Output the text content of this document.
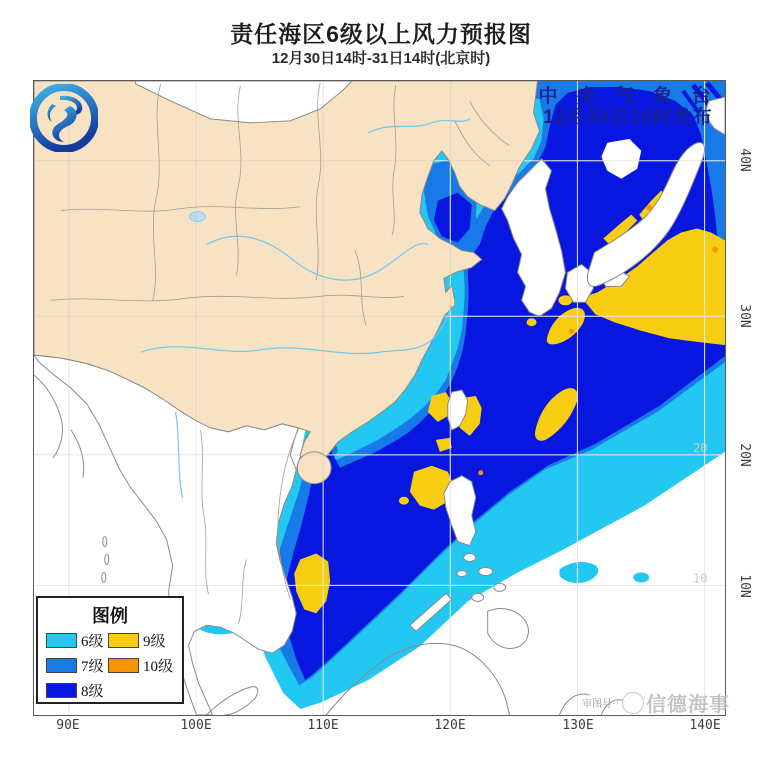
责任海区6级以上风力预报图
12月30日14时-31日14时(北京时)
20
10
中 央 气 象 台
12月30日10时发布
图例
6级
7级
8级
9级
10级
90E	100E	110E	120E	130E	140E
40N
30N
20N
10N
审图号 ·· 信德海事
